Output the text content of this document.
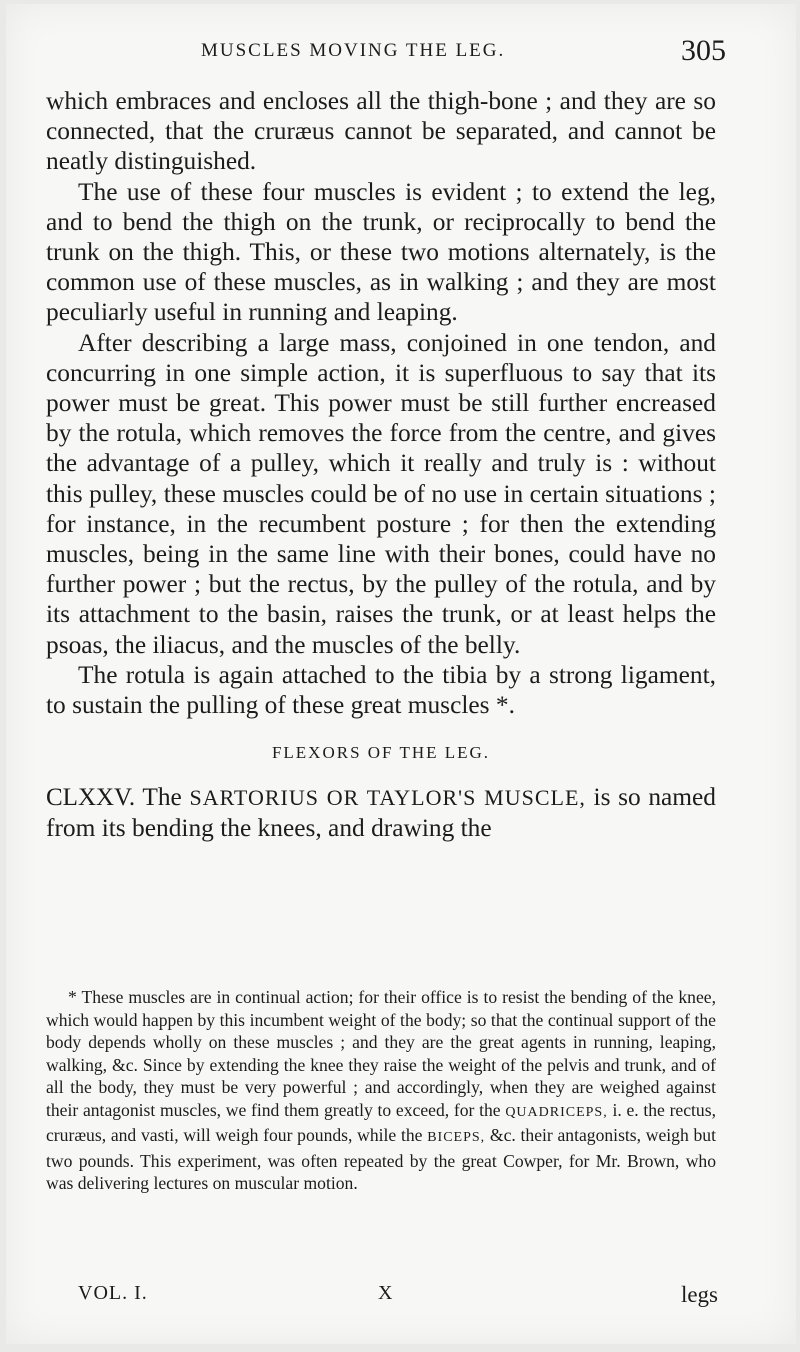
MUSCLES MOVING THE LEG.	305

which embraces and encloses all the thigh-bone ; and they are so connected, that the cruræus cannot be separated, and cannot be neatly distinguished.

The use of these four muscles is evident ; to extend the leg, and to bend the thigh on the trunk, or reciprocally to bend the trunk on the thigh. This, or these two motions alternately, is the common use of these muscles, as in walking ; and they are most peculiarly useful in running and leaping.

After describing a large mass, conjoined in one tendon, and concurring in one simple action, it is superfluous to say that its power must be great. This power must be still further encreased by the rotula, which removes the force from the centre, and gives the advantage of a pulley, which it really and truly is : without this pulley, these muscles could be of no use in certain situations ; for instance, in the recumbent posture ; for then the extending muscles, being in the same line with their bones, could have no further power ; but the rectus, by the pulley of the rotula, and by its attachment to the basin, raises the trunk, or at least helps the psoas, the iliacus, and the muscles of the belly.

The rotula is again attached to the tibia by a strong ligament, to sustain the pulling of these great muscles *.

FLEXORS OF THE LEG.

CLXXV. The SARTORIUS OR TAYLOR'S MUSCLE, is so named from its bending the knees, and drawing the

* These muscles are in continual action; for their office is to resist the bending of the knee, which would happen by this incumbent weight of the body; so that the continual support of the body depends wholly on these muscles ; and they are the great agents in running, leaping, walking, &c. Since by extending the knee they raise the weight of the pelvis and trunk, and of all the body, they must be very powerful ; and accordingly, when they are weighed against their antagonist muscles, we find them greatly to exceed, for the QUADRICEPS, i. e. the rectus, cruræus, and vasti, will weigh four pounds, while the BICEPS, &c. their antagonists, weigh but two pounds. This experiment, was often repeated by the great Cowper, for Mr. Brown, who was delivering lectures on muscular motion.

VOL. I.	X	legs
